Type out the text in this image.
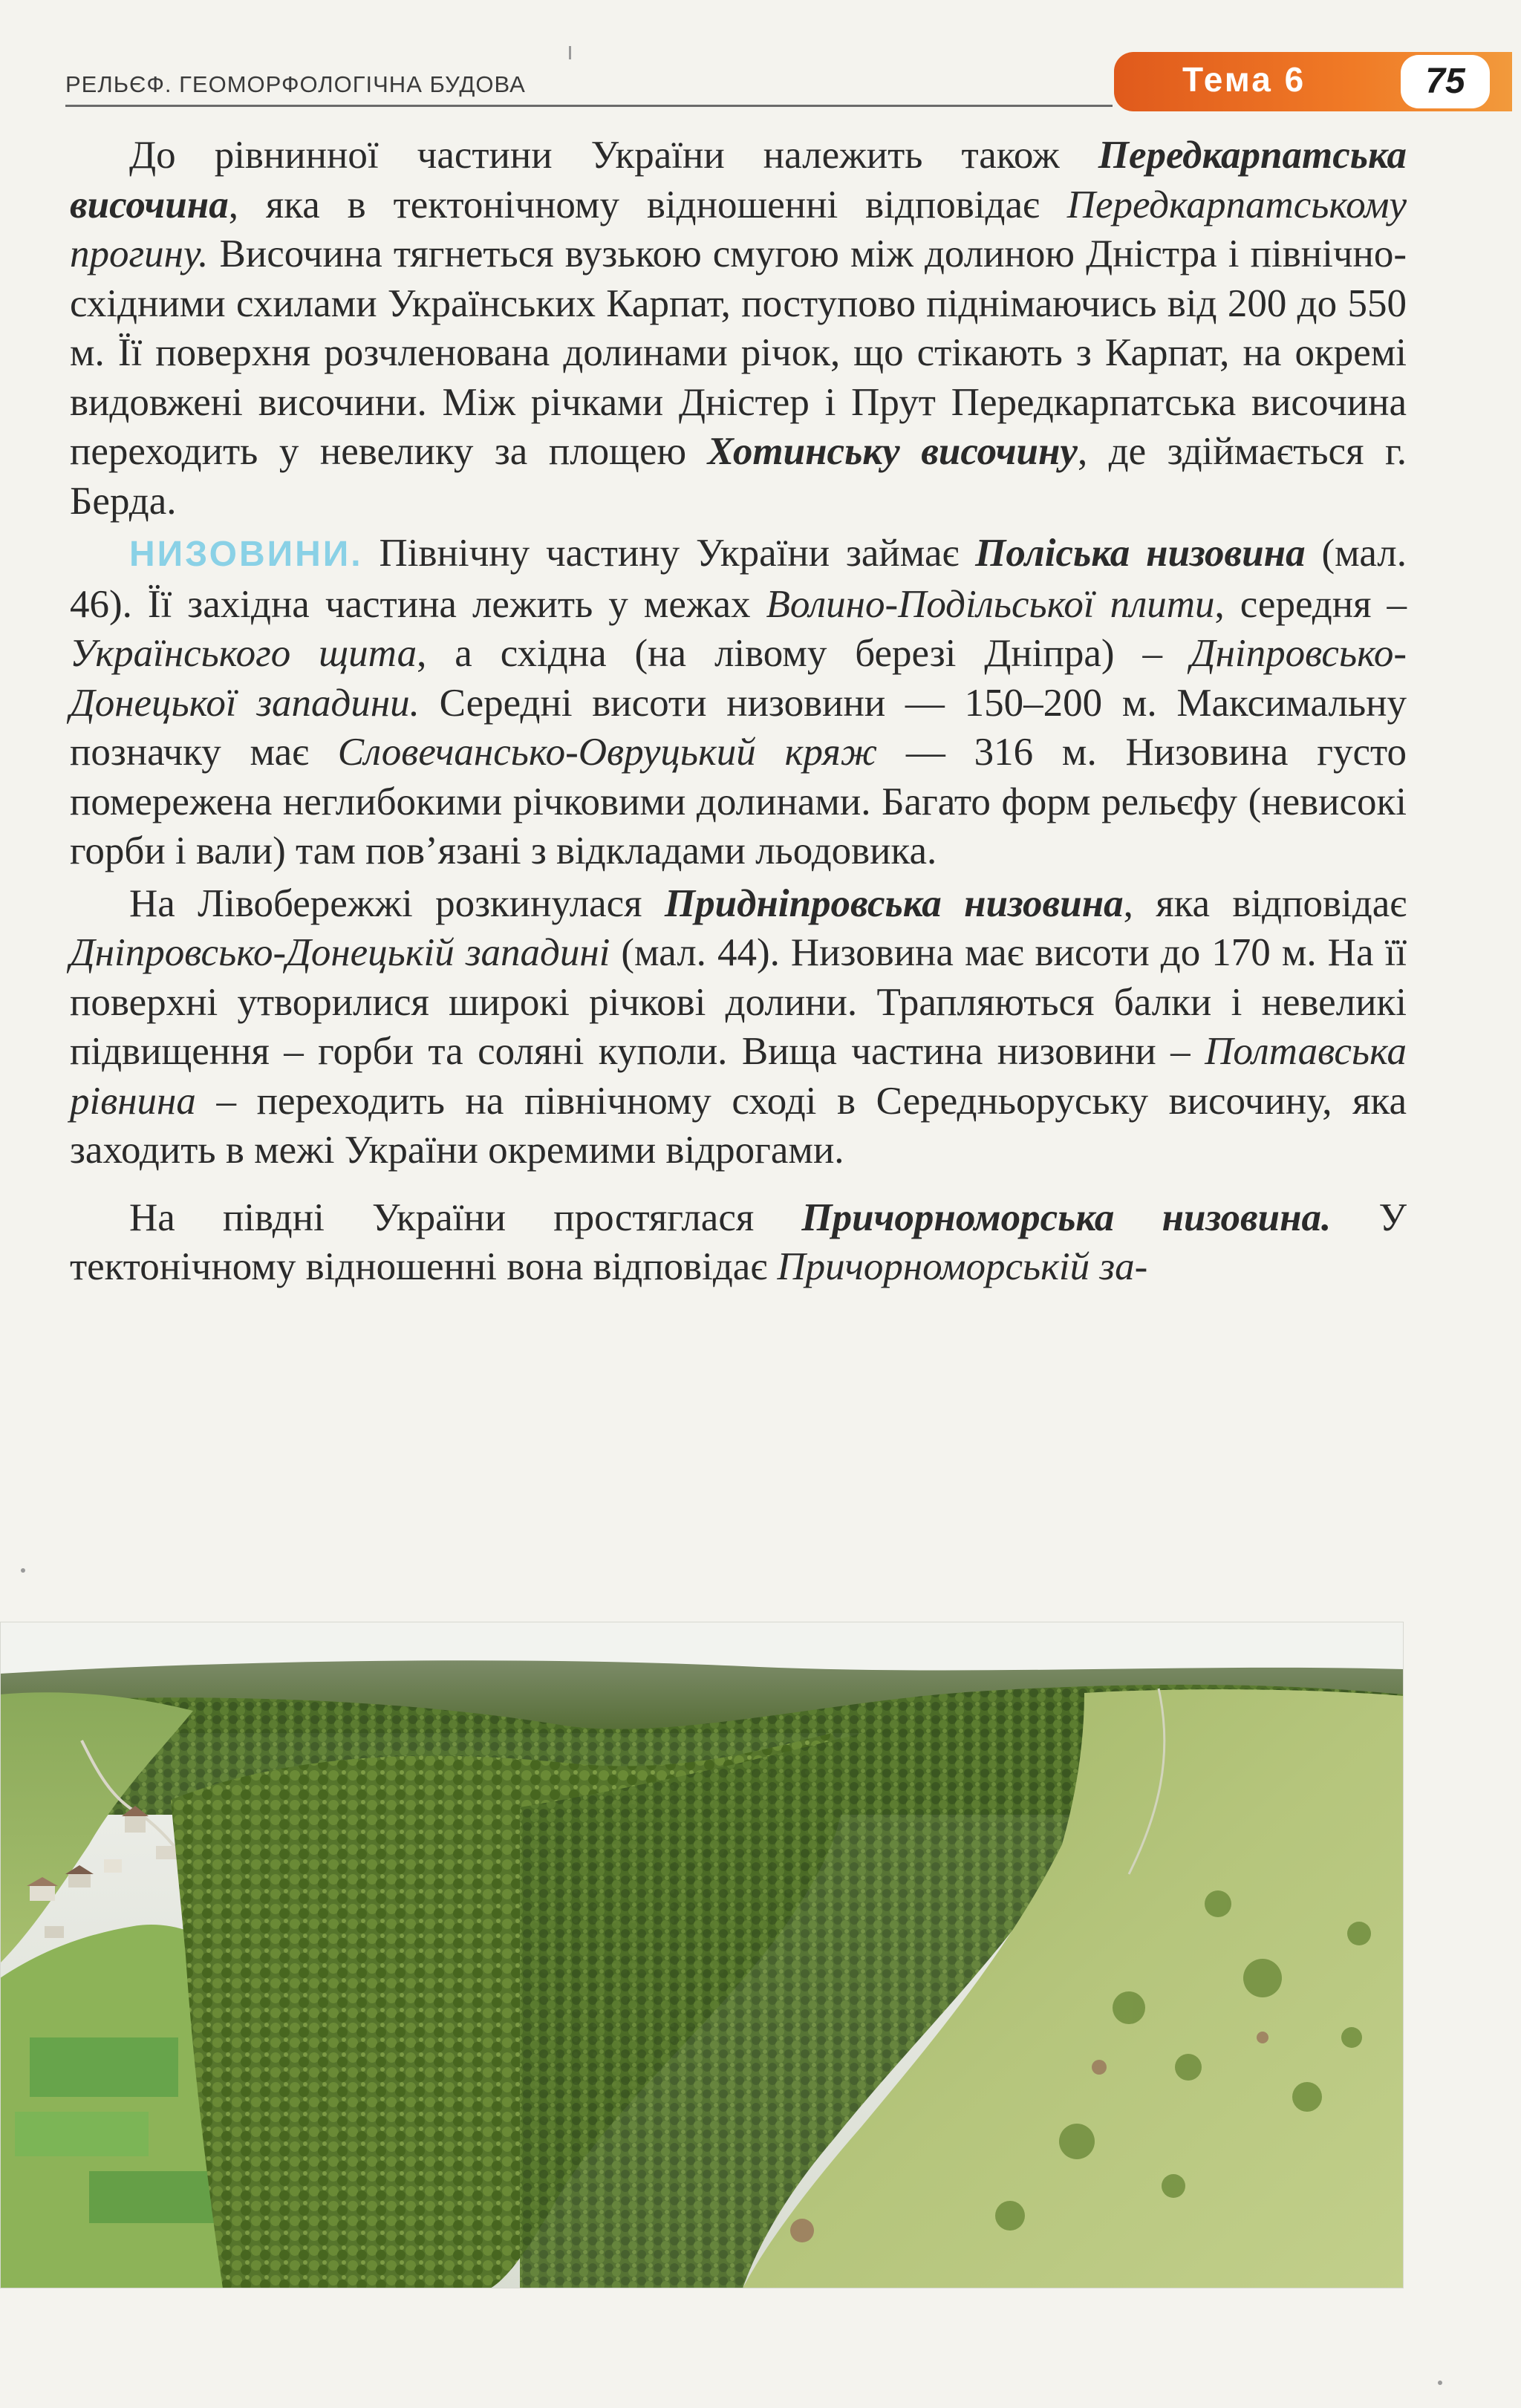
РЕЛЬЄФ. ГЕОМОРФОЛОГІЧНА БУДОВА	Тема 6	75

До рівнинної частини України належить також Передкарпатська височина, яка в тектонічному відношенні відповідає Передкарпатському прогину. Височина тягнеться вузькою смугою між долиною Дністра і північно-східними схилами Українських Карпат, поступово піднімаючись від 200 до 550 м. Її поверхня розчленована долинами річок, що стікають з Карпат, на окремі видовжені височини. Між річками Дністер і Прут Передкарпатська височина переходить у невелику за площею Хотинську височину, де здіймається г. Берда.

НИЗОВИНИ. Північну частину України займає Поліська низовина (мал. 46). Її західна частина лежить у межах Волино-Подільської плити, середня – Українського щита, а східна (на лівому березі Дніпра) – Дніпровсько-Донецької западини. Середні висоти низовини — 150–200 м. Максимальну позначку має Словечансько-Овруцький кряж — 316 м. Низовина густо помережена неглибокими річковими долинами. Багато форм рельєфу (невисокі горби і вали) там пов’язані з відкладами льодовика.

На Лівобережжі розкинулася Придніпровська низовина, яка відповідає Дніпровсько-Донецькій западині (мал. 44). Низовина має висоти до 170 м. На її поверхні утворилися широкі річкові долини. Трапляються балки і невеликі підвищення – горби та соляні куполи. Вища частина низовини – Полтавська рівнина – переходить на північному сході в Середньоруську височину, яка заходить в межі України окремими відрогами.

На півдні України простяглася Причорноморська низовина. У тектонічному відношенні вона відповідає Причорноморській за-
